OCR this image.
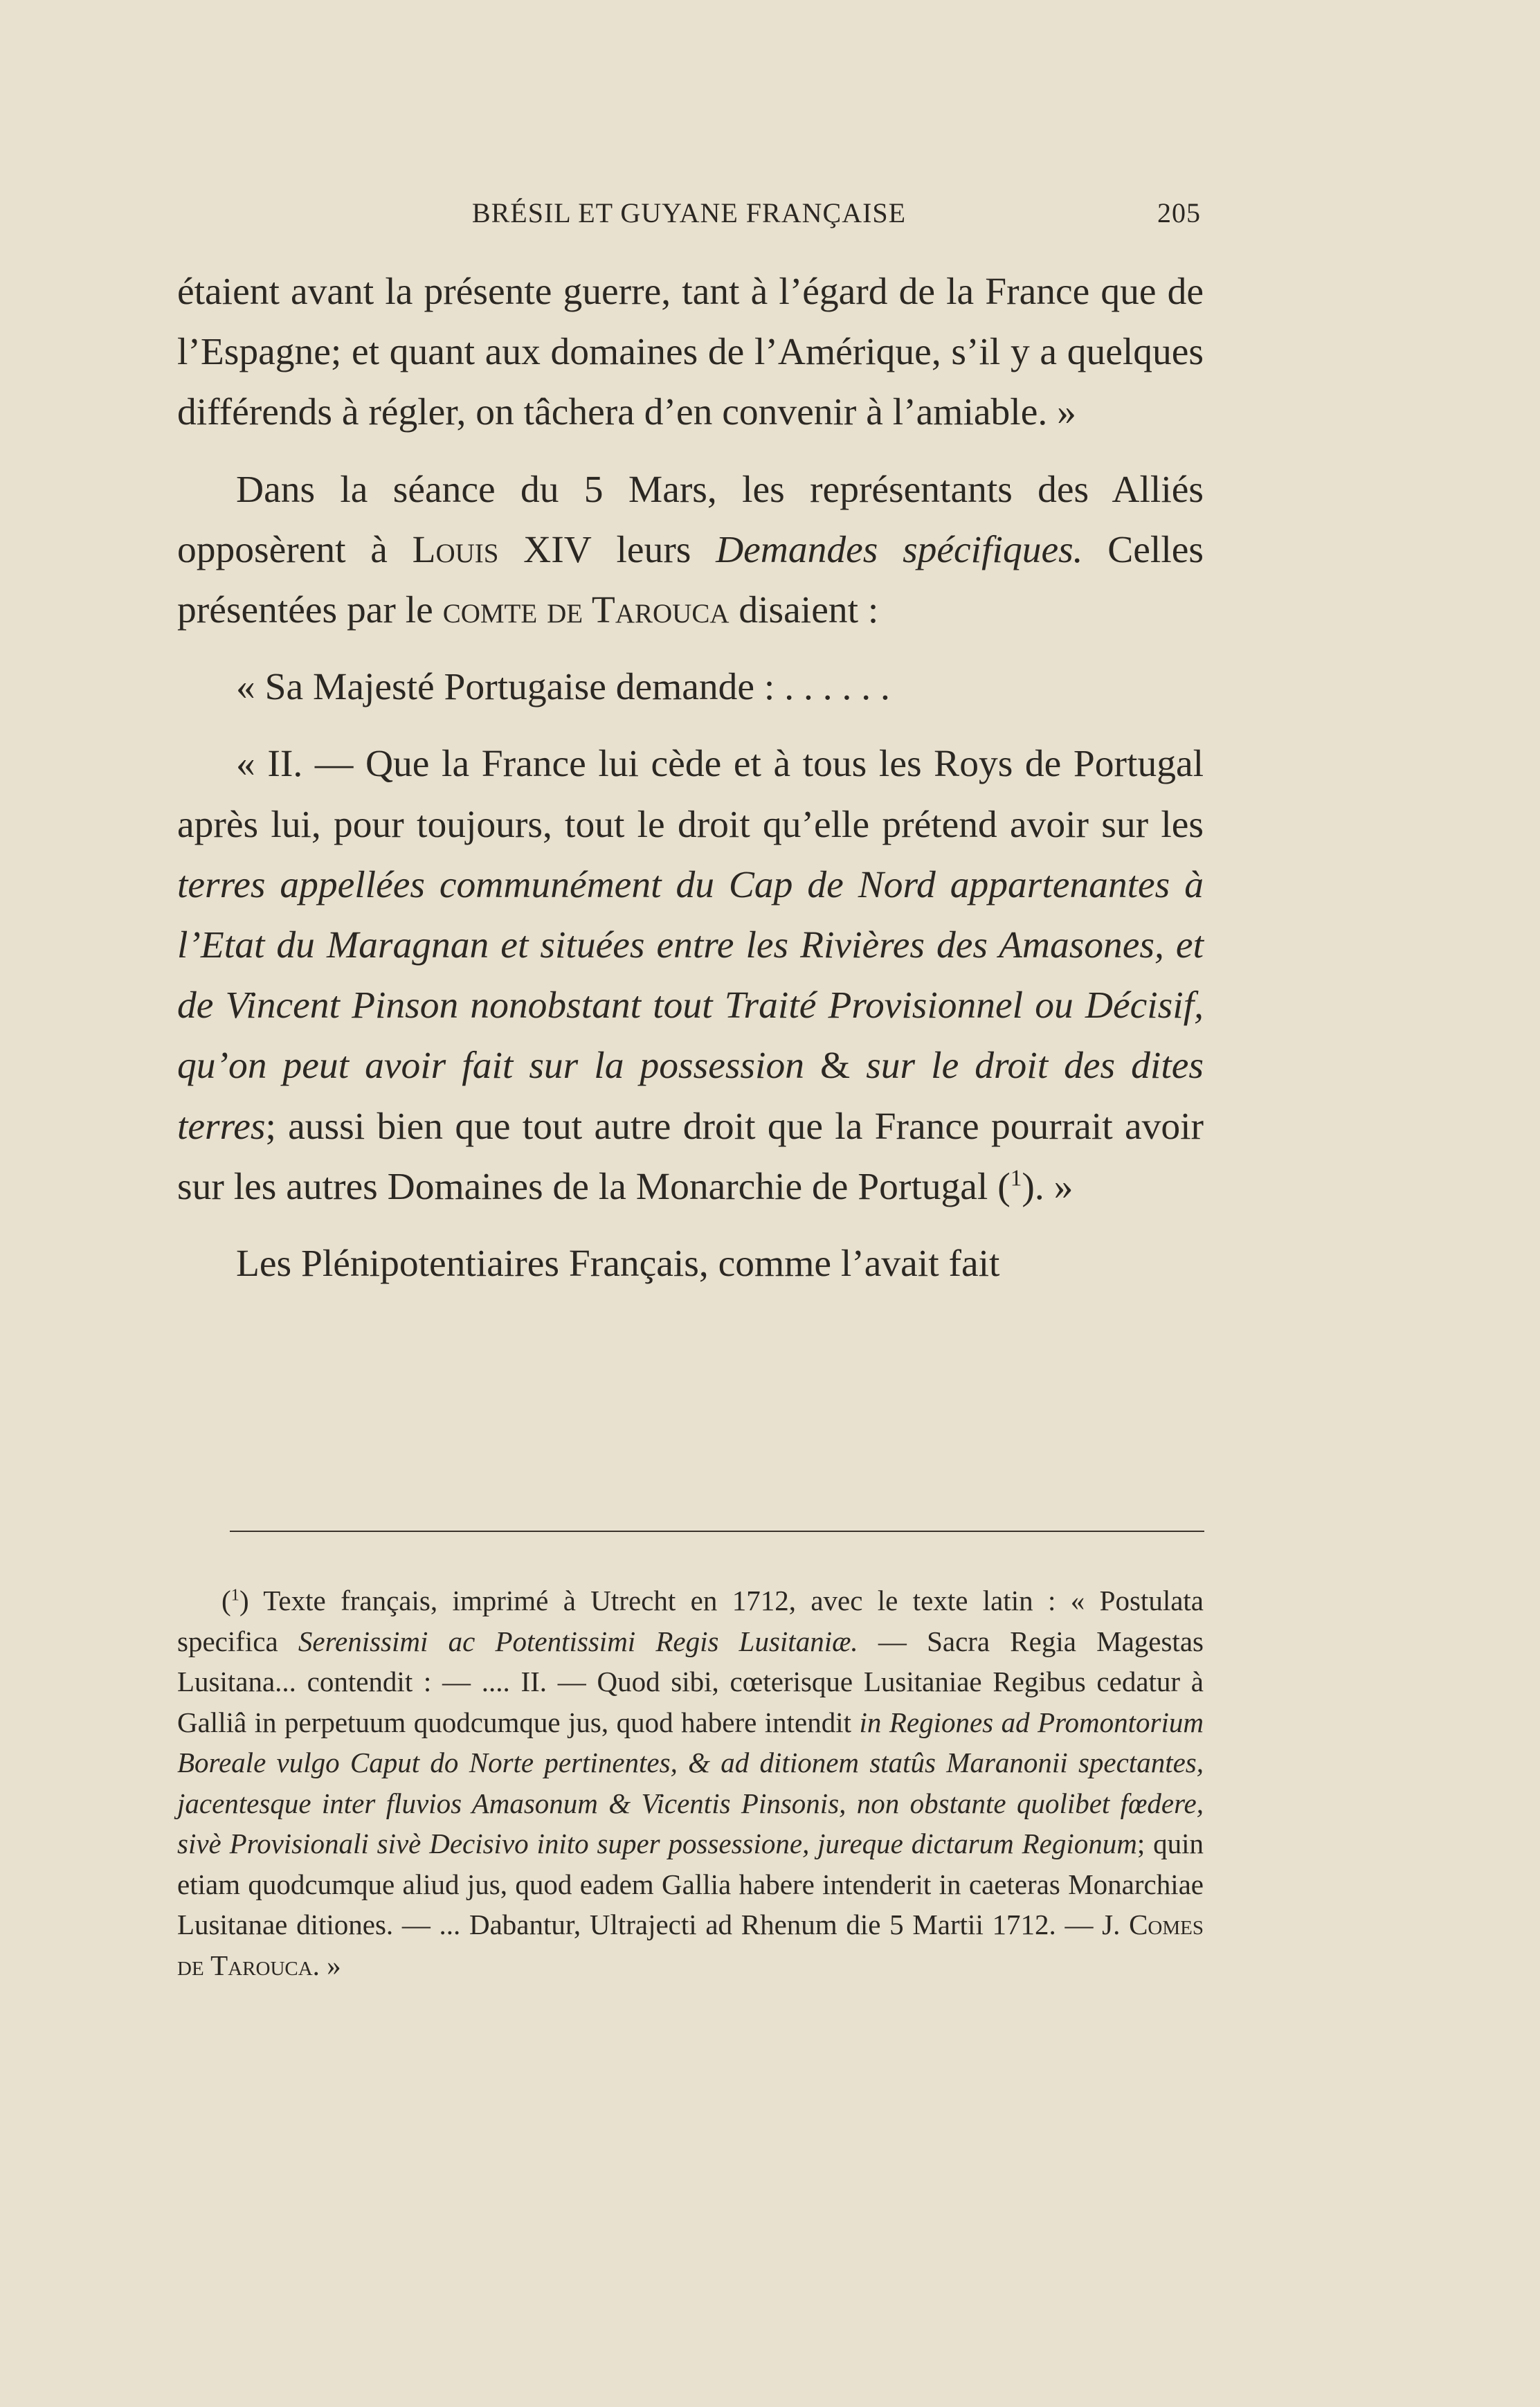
BRÉSIL ET GUYANE FRANÇAISE	205

étaient avant la présente guerre, tant à l’égard de la France que de l’Espagne; et quant aux domaines de l’Amérique, s’il y a quelques différends à régler, on tâchera d’en convenir à l’amiable. »

Dans la séance du 5 Mars, les représentants des Alliés opposèrent à Louis XIV leurs Demandes spécifiques. Celles présentées par le comte de Tarouca disaient :

« Sa Majesté Portugaise demande : . . . . . .

« II. — Que la France lui cède et à tous les Roys de Portugal après lui, pour toujours, tout le droit qu’elle prétend avoir sur les terres appellées communément du Cap de Nord appartenantes à l’Etat du Maragnan et situées entre les Rivières des Amasones, et de Vincent Pinson nonobstant tout Traité Provisionnel ou Décisif, qu’on peut avoir fait sur la possession & sur le droit des dites terres; aussi bien que tout autre droit que la France pourrait avoir sur les autres Domaines de la Monarchie de Portugal ($^1$). »

Les Plénipotentiaires Français, comme l’avait fait

($^1$) Texte français, imprimé à Utrecht en 1712, avec le texte latin : « Postulata specifica Serenissimi ac Potentissimi Regis Lusitaniæ. — Sacra Regia Magestas Lusitana... contendit : — .... II. — Quod sibi, cœterisque Lusitaniae Regibus cedatur à Galliâ in perpetuum quodcumque jus, quod habere intendit in Regiones ad Promontorium Boreale vulgo Caput do Norte pertinentes, & ad ditionem statûs Maranonii spectantes, jacentesque inter fluvios Amasonum & Vicentis Pinsonis, non obstante quolibet fœdere, sivè Provisionali sivè Decisivo inito super possessione, jureque dictarum Regionum; quin etiam quodcumque aliud jus, quod eadem Gallia habere intenderit in caeteras Monarchiae Lusitanae ditiones. — ... Dabantur, Ultrajecti ad Rhenum die 5 Martii 1712. — J. Comes de Tarouca. »
